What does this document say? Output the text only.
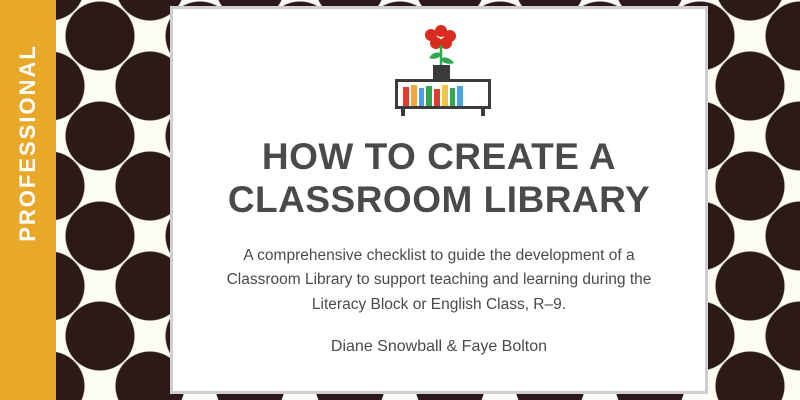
PROFESSIONAL	HOW TO CREATE A CLASSROOM LIBRARY
A comprehensive checklist to guide the development of a Classroom Library to support teaching and learning during the Literacy Block or English Class, R–9.
Diane Snowball & Faye Bolton
